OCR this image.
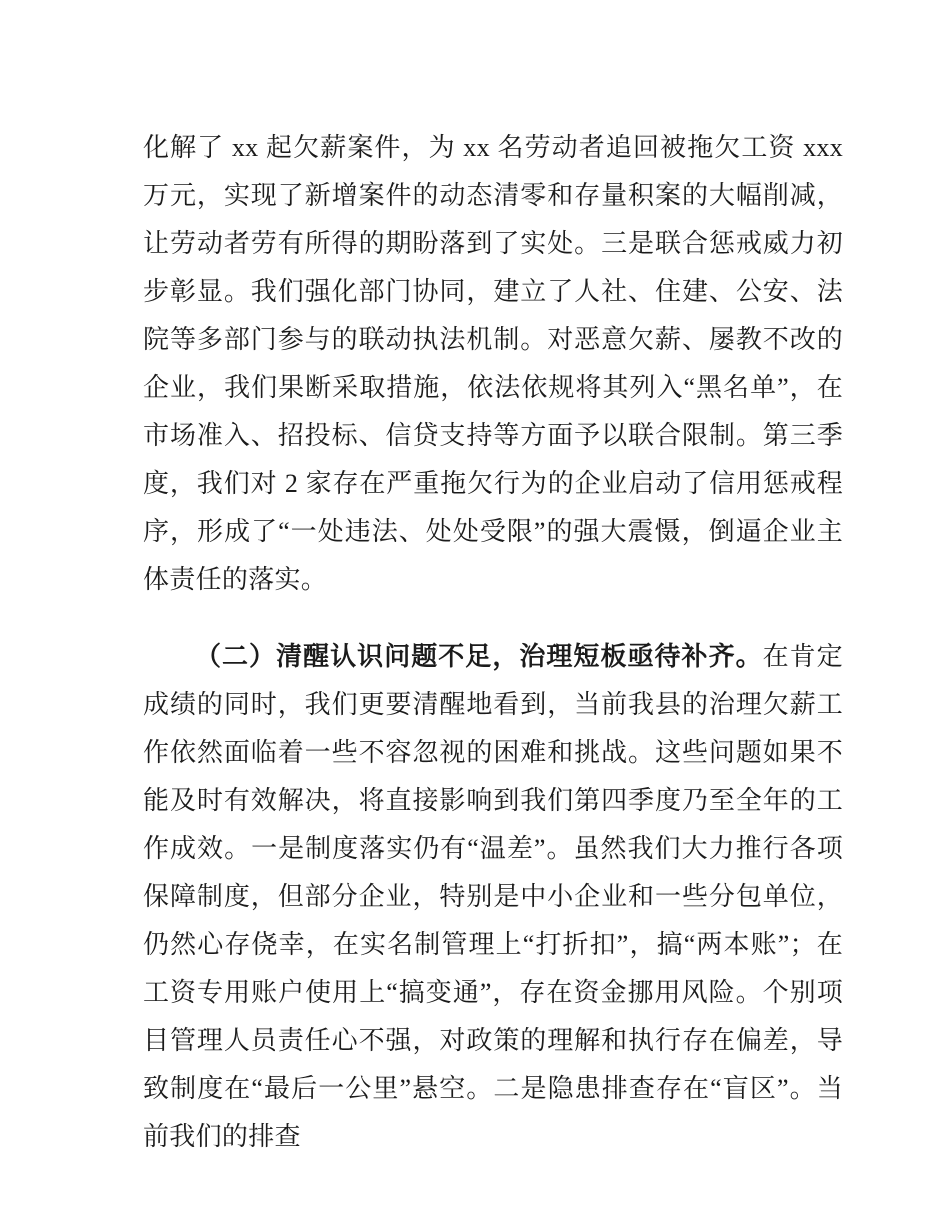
化解了 xx 起欠薪案件，为 xx 名劳动者追回被拖欠工资 xxx 万元，实现了新增案件的动态清零和存量积案的大幅削减，让劳动者劳有所得的期盼落到了实处。三是联合惩戒威力初步彰显。我们强化部门协同，建立了人社、住建、公安、法院等多部门参与的联动执法机制。对恶意欠薪、屡教不改的企业，我们果断采取措施，依法依规将其列入“黑名单”，在市场准入、招投标、信贷支持等方面予以联合限制。第三季度，我们对 2 家存在严重拖欠行为的企业启动了信用惩戒程序，形成了“一处违法、处处受限”的强大震慑，倒逼企业主体责任的落实。

（二）清醒认识问题不足，治理短板亟待补齐。在肯定成绩的同时，我们更要清醒地看到，当前我县的治理欠薪工作依然面临着一些不容忽视的困难和挑战。这些问题如果不能及时有效解决，将直接影响到我们第四季度乃至全年的工作成效。一是制度落实仍有“温差”。虽然我们大力推行各项保障制度，但部分企业，特别是中小企业和一些分包单位，仍然心存侥幸，在实名制管理上“打折扣”，搞“两本账”；在工资专用账户使用上“搞变通”，存在资金挪用风险。个别项目管理人员责任心不强，对政策的理解和执行存在偏差，导致制度在“最后一公里”悬空。二是隐患排查存在“盲区”。当前我们的排查
